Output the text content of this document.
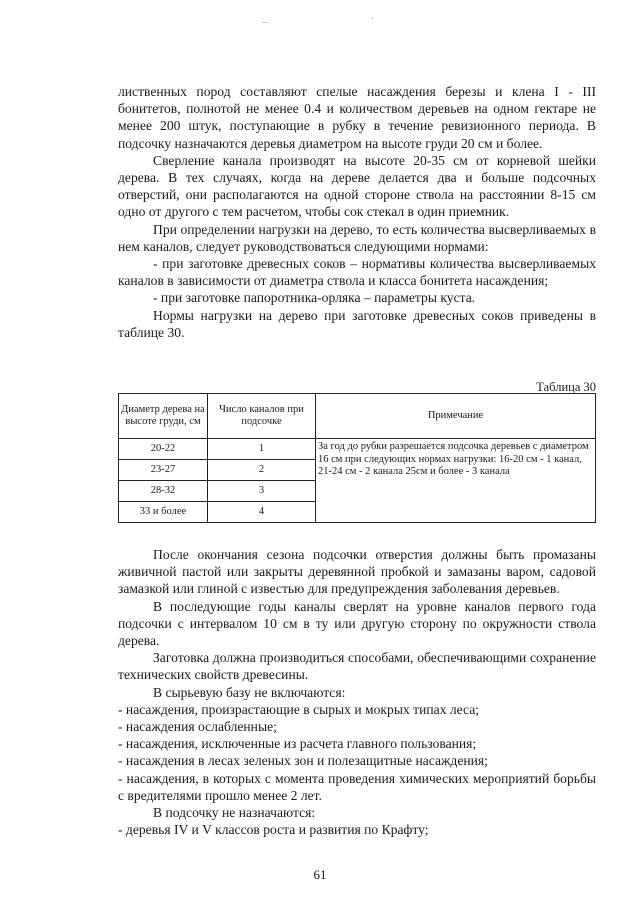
...	'

лиственных пород составляют спелые насаждения березы и клена I - III бонитетов, полнотой не менее 0.4 и количеством деревьев на одном гектаре не менее 200 штук, поступающие в рубку в течение ревизионного периода. В подсочку назначаются деревья диаметром на высоте груди 20 см и более.

Сверление канала производят на высоте 20-35 см от корневой шейки дерева. В тех случаях, когда на дереве делается два и больше подсочных отверстий, они располагаются на одной стороне ствола на расстоянии 8-15 см одно от другого с тем расчетом, чтобы сок стекал в один приемник.

При определении нагрузки на дерево, то есть количества высверливаемых в нем каналов, следует руководствоваться следующими нормами:

- при заготовке древесных соков – нормативы количества высверливаемых каналов в зависимости от диаметра ствола и класса бонитета насаждения;

- при заготовке папоротника-орляка – параметры куста.

Нормы нагрузки на дерево при заготовке древесных соков приведены в таблице 30.

Таблица 30
Диаметр дерева на высоте груди, см	Число каналов при подсочке	Примечание
20-22	1	За год до рубки разрешается подсочка деревьев с диаметром 16 см при следующих нормах нагрузки: 16-20 см - 1 канал, 21-24 см - 2 канала 25см и более - 3 канала
23-27	2	
28-32	3	
33 и более	4	

После окончания сезона подсочки отверстия должны быть промазаны живичной пастой или закрыты деревянной пробкой и замазаны варом, садовой замазкой или глиной с известью для предупреждения заболевания деревьев.

В последующие годы каналы сверлят на уровне каналов первого года подсочки с интервалом 10 см в ту или другую сторону по окружности ствола дерева.

Заготовка должна производиться способами, обеспечивающими сохранение технических свойств древесины.

В сырьевую базу не включаются:

- насаждения, произрастающие в сырых и мокрых типах леса;

- насаждения ослабленные;

- насаждения, исключенные из расчета главного пользования;

- насаждения в лесах зеленых зон и полезащитные насаждения;

- насаждения, в которых с момента проведения химических мероприятий борьбы с вредителями прошло менее 2 лет.

В подсочку не назначаются:

- деревья IV и V классов роста и развития по Крафту;

61
